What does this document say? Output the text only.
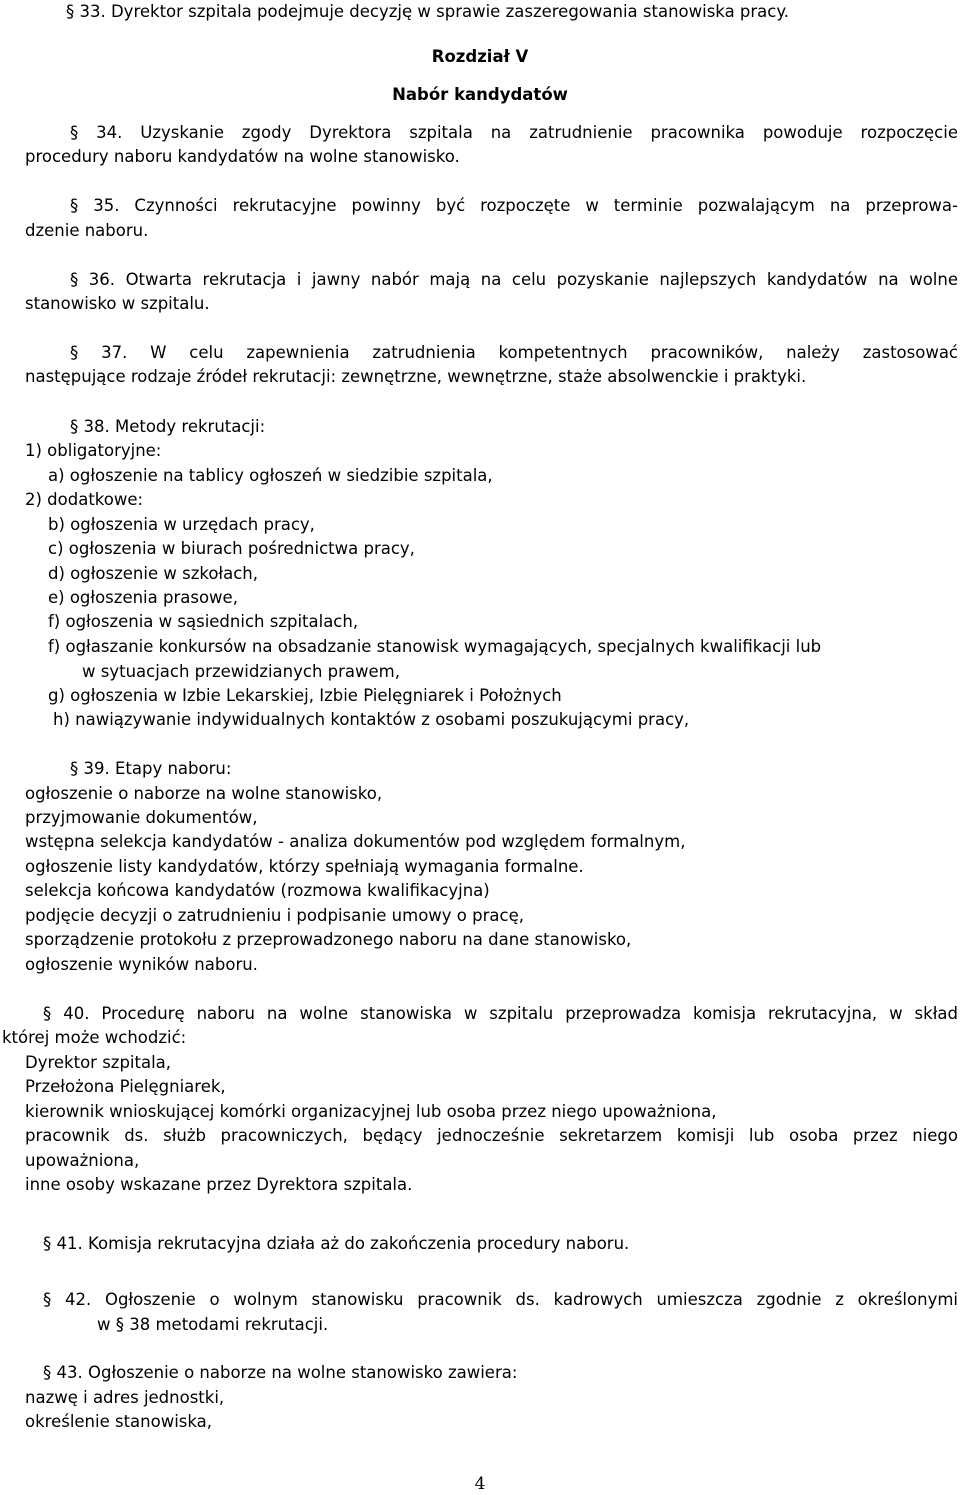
§ 33. Dyrektor szpitala podejmuje decyzję w sprawie zaszeregowania stanowiska pracy.
Rozdział V
Nabór kandydatów
§ 34. Uzyskanie zgody Dyrektora szpitala na zatrudnienie pracownika powoduje rozpoczęcie
procedury naboru kandydatów na wolne stanowisko.
§ 35. Czynności rekrutacyjne powinny być rozpoczęte w terminie pozwalającym na przeprowa-
dzenie naboru.
§ 36. Otwarta rekrutacja i jawny nabór mają na celu pozyskanie najlepszych kandydatów na wolne
stanowisko w szpitalu.
§ 37. W celu zapewnienia zatrudnienia kompetentnych pracowników, należy zastosować
następujące rodzaje źródeł rekrutacji: zewnętrzne, wewnętrzne, staże absolwenckie i praktyki.
§ 38. Metody rekrutacji:
1) obligatoryjne:
a) ogłoszenie na tablicy ogłoszeń w siedzibie szpitala,
2) dodatkowe:
b) ogłoszenia w urzędach pracy,
c) ogłoszenia w biurach pośrednictwa pracy,
d) ogłoszenie w szkołach,
e) ogłoszenia prasowe,
f) ogłoszenia w sąsiednich szpitalach,
f) ogłaszanie konkursów na obsadzanie stanowisk wymagających, specjalnych kwalifikacji lub
w sytuacjach przewidzianych prawem,
g) ogłoszenia w Izbie Lekarskiej, Izbie Pielęgniarek i Położnych
h) nawiązywanie indywidualnych kontaktów z osobami poszukującymi pracy,
§ 39. Etapy naboru:
ogłoszenie o naborze na wolne stanowisko,
przyjmowanie dokumentów,
wstępna selekcja kandydatów - analiza dokumentów pod względem formalnym,
ogłoszenie listy kandydatów, którzy spełniają wymagania formalne.
selekcja końcowa kandydatów (rozmowa kwalifikacyjna)
podjęcie decyzji o zatrudnieniu i podpisanie umowy o pracę,
sporządzenie protokołu z przeprowadzonego naboru na dane stanowisko,
ogłoszenie wyników naboru.
§ 40. Procedurę naboru na wolne stanowiska w szpitalu przeprowadza komisja rekrutacyjna, w skład
której może wchodzić:
Dyrektor szpitala,
Przełożona Pielęgniarek,
kierownik wnioskującej komórki organizacyjnej lub osoba przez niego upoważniona,
pracownik ds. służb pracowniczych, będący jednocześnie sekretarzem komisji lub osoba przez niego
upoważniona,
inne osoby wskazane przez Dyrektora szpitala.
§ 41. Komisja rekrutacyjna działa aż do zakończenia procedury naboru.
§ 42. Ogłoszenie o wolnym stanowisku pracownik ds. kadrowych umieszcza zgodnie z określonymi
w § 38 metodami rekrutacji.
§ 43. Ogłoszenie o naborze na wolne stanowisko zawiera:
nazwę i adres jednostki,
określenie stanowiska,
4
